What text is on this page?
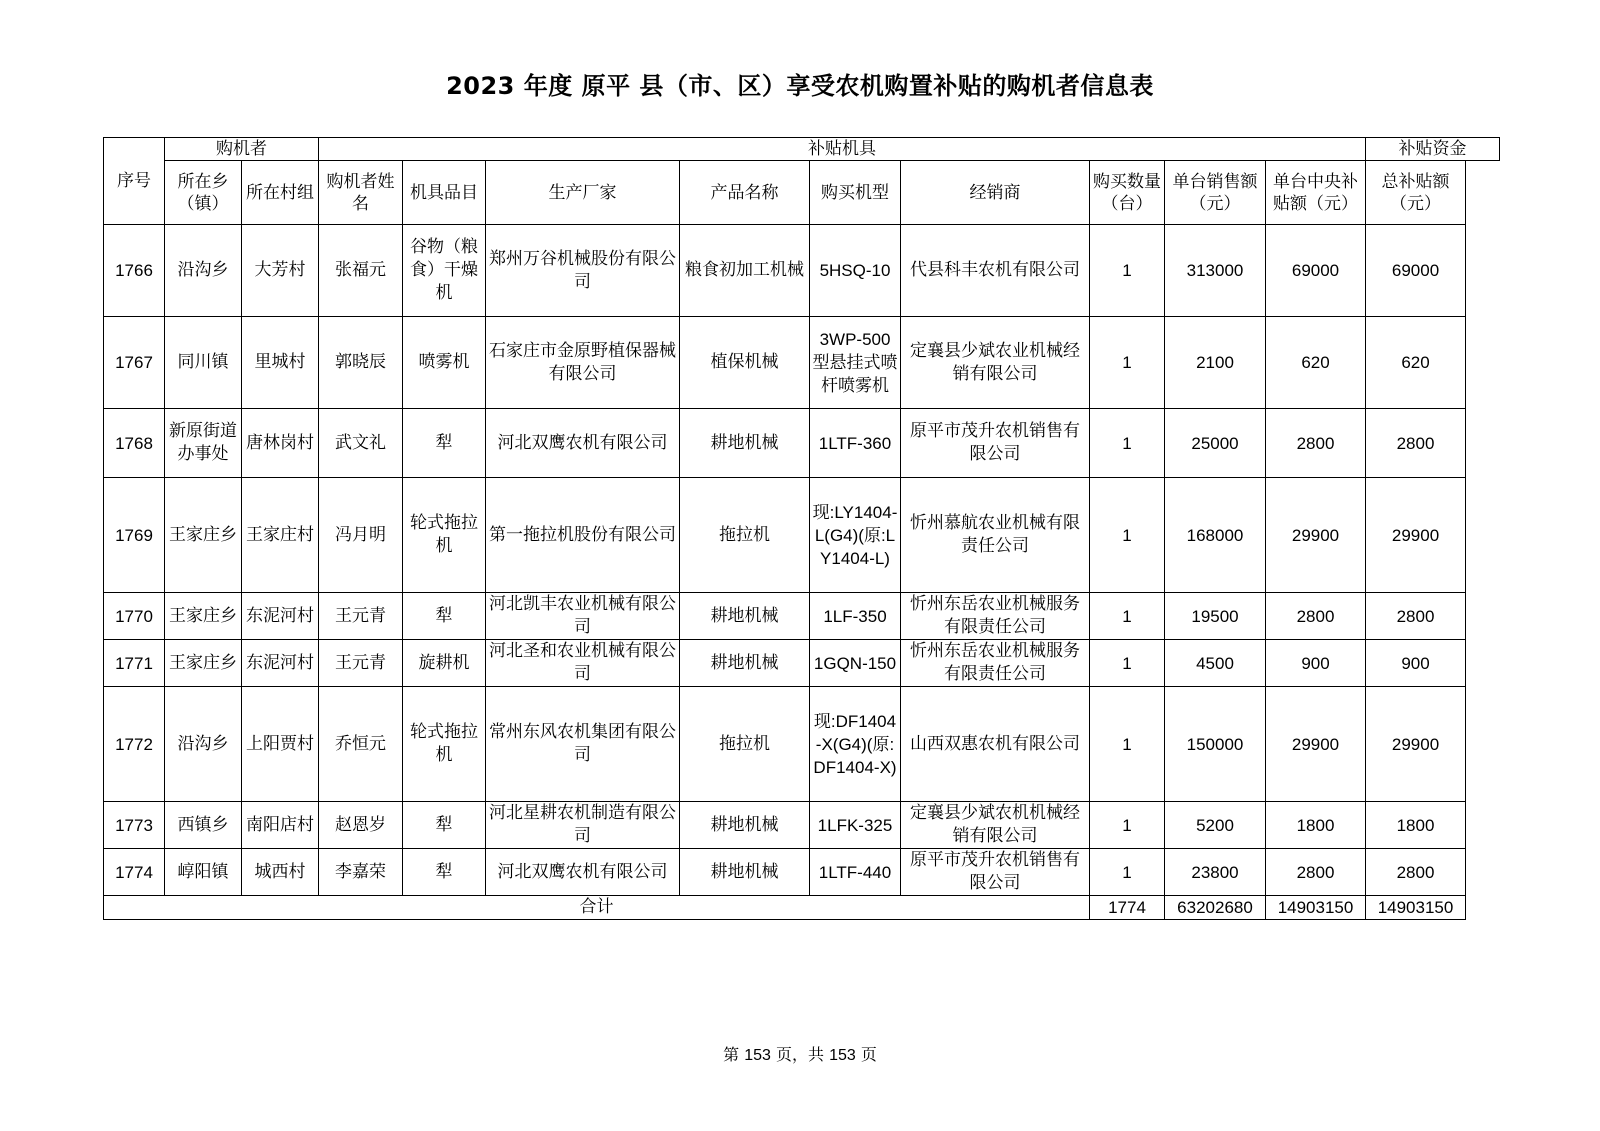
2023 年度 原平 县（市、区）享受农机购置补贴的购机者信息表
序号	购机者		补贴机具									补贴资金
	所在乡（镇）	所在村组	购机者姓名	机具品目	生产厂家	产品名称	购买机型	经销商	购买数量（台）	单台销售额（元）	单台中央补贴额（元）	总补贴额（元）
1766	沿沟乡	大芳村	张福元	谷物（粮食）干燥机	郑州万谷机械股份有限公司	粮食初加工机械	5HSQ-10	代县科丰农机有限公司	1	313000	69000	69000
1767	同川镇	里城村	郭晓辰	喷雾机	石家庄市金原野植保器械有限公司	植保机械	3WP-500型悬挂式喷杆喷雾机	定襄县少斌农业机械经销有限公司	1	2100	620	620
1768	新原街道办事处	唐林岗村	武文礼	犁	河北双鹰农机有限公司	耕地机械	1LTF-360	原平市茂升农机销售有限公司	1	25000	2800	2800
1769	王家庄乡	王家庄村	冯月明	轮式拖拉机	第一拖拉机股份有限公司	拖拉机	现:LY1404-L(G4)(原:LY1404-L)	忻州慕航农业机械有限责任公司	1	168000	29900	29900
1770	王家庄乡	东泥河村	王元青	犁	河北凯丰农业机械有限公司	耕地机械	1LF-350	忻州东岳农业机械服务有限责任公司	1	19500	2800	2800
1771	王家庄乡	东泥河村	王元青	旋耕机	河北圣和农业机械有限公司	耕地机械	1GQN-150	忻州东岳农业机械服务有限责任公司	1	4500	900	900
1772	沿沟乡	上阳贾村	乔恒元	轮式拖拉机	常州东风农机集团有限公司	拖拉机	现:DF1404-X(G4)(原:DF1404-X)	山西双惠农机有限公司	1	150000	29900	29900
1773	西镇乡	南阳店村	赵恩岁	犁	河北星耕农机制造有限公司	耕地机械	1LFK-325	定襄县少斌农机机械经销有限公司	1	5200	1800	1800
1774	崞阳镇	城西村	李嘉荣	犁	河北双鹰农机有限公司	耕地机械	1LTF-440	原平市茂升农机销售有限公司	1	23800	2800	2800
合计									1774	63202680	14903150	14903150
第 153 页，共 153 页
